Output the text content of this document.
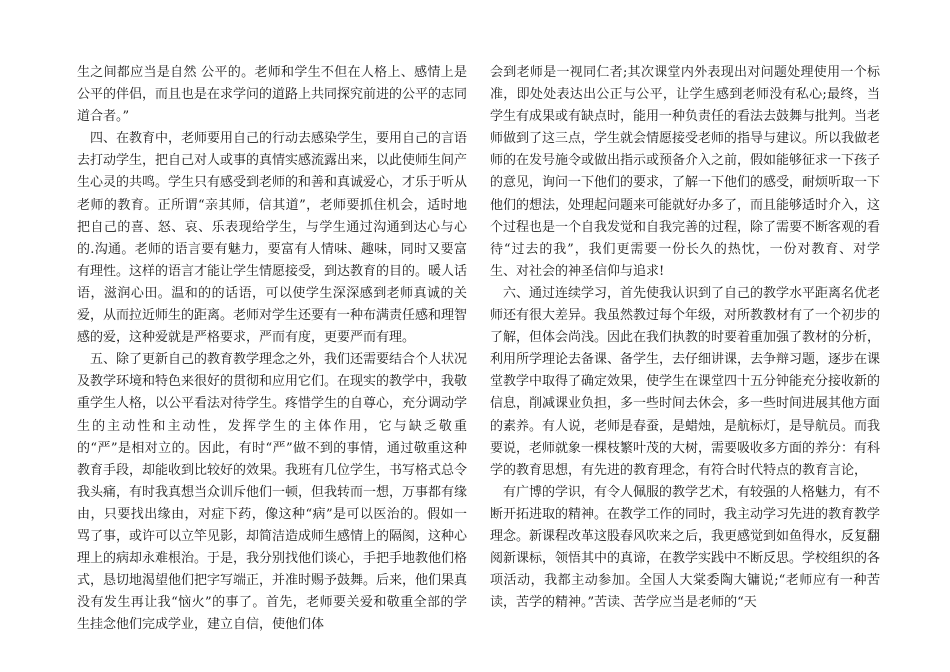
生之间都应当是自然 公平的。老师和学生不但在人格上、感情上是公平的伴侣，而且也是在求学问的道路上共同探究前进的公平的志同道合者。”

四、在教育中，老师要用自己的行动去感染学生，要用自己的言语去打动学生，把自己对人或事的真情实感流露出来，以此使师生间产生心灵的共鸣。学生只有感受到老师的和善和真诚爱心，才乐于听从老师的教育。正所谓“亲其师，信其道”，老师要抓住机会，适时地把自己的喜、怒、哀、乐表现给学生，与学生通过沟通到达心与心的.沟通。老师的语言要有魅力，要富有人情味、趣味，同时又要富有理性。这样的语言才能让学生情愿接受，到达教育的目的。暖人话语，滋润心田。温和的的话语，可以使学生深深感到老师真诚的关爱，从而拉近师生的距离。老师对学生还要有一种布满责任感和理智感的爱，这种爱就是严格要求，严而有度，更要严而有理。

五、除了更新自己的教育教学理念之外，我们还需要结合个人状况及教学环境和特色来很好的贯彻和应用它们。在现实的教学中，我敬重学生人格，以公平看法对待学生。疼惜学生的自尊心，充分调动学生的主动性和主动性，发挥学生的主体作用，它与缺乏敬重的“严”是相对立的。因此，有时“严”做不到的事情，通过敬重这种教育手段，却能收到比较好的效果。我班有几位学生，书写格式总令我头痛，有时我真想当众训斥他们一顿，但我转而一想，万事都有缘由，只要找出缘由，对症下药，像这种“病”是可以医治的。假如一骂了事，或许可以立竿见影，却简洁造成师生感情上的隔阂，这种心理上的病却永难根治。于是，我分别找他们谈心，手把手地教他们格式，恳切地渴望他们把字写端正，并准时赐予鼓舞。后来，他们果真没有发生再让我“恼火”的事了。首先，老师要关爱和敬重全部的学生挂念他们完成学业，建立自信，使他们体

会到老师是一视同仁者;其次课堂内外表现出对问题处理使用一个标准，即处处表达出公正与公平，让学生感到老师没有私心;最终，当学生有成果或有缺点时，能用一种负责任的看法去鼓舞与批判。当老师做到了这三点，学生就会情愿接受老师的指导与建议。所以我做老师的在发号施令或做出指示或预备介入之前，假如能够征求一下孩子的意见，询问一下他们的要求，了解一下他们的感受，耐烦听取一下他们的想法，处理起问题来可能就好办多了，而且能够适时介入，这个过程也是一个自我发觉和自我完善的过程，除了需要不断客观的看待“过去的我”，我们更需要一份长久的热忱，一份对教育、对学生、对社会的神圣信仰与追求!

六、通过连续学习，首先使我认识到了自己的教学水平距离名优老师还有很大差异。我虽然教过每个年级，对所教教材有了一个初步的了解，但体会尚浅。因此在我们执教的时要着重加强了教材的分析，利用所学理论去备课、备学生，去仔细讲课，去争辩习题，逐步在课堂教学中取得了确定效果，使学生在课堂四十五分钟能充分接收新的信息，削减课业负担，多一些时间去休会，多一些时间进展其他方面的素养。有人说，老师是春蚕，是蜡烛，是航标灯，是导航员。而我要说，老师就象一棵枝繁叶茂的大树，需要吸收多方面的养分：有科学的教育思想，有先进的教育理念，有符合时代特点的教育言论，

有广博的学识，有令人佩服的教学艺术，有较强的人格魅力，有不断开拓进取的精神。在教学工作的同时，我主动学习先进的教育教学理念。新课程改革这股春风吹来之后，我更感觉到如鱼得水，反复翻阅新课标，领悟其中的真谛，在教学实践中不断反思。学校组织的各项活动，我都主动参加。全国人大棠委陶大镛说;“老师应有一种苦读，苦学的精神。”苦读、苦学应当是老师的“天
